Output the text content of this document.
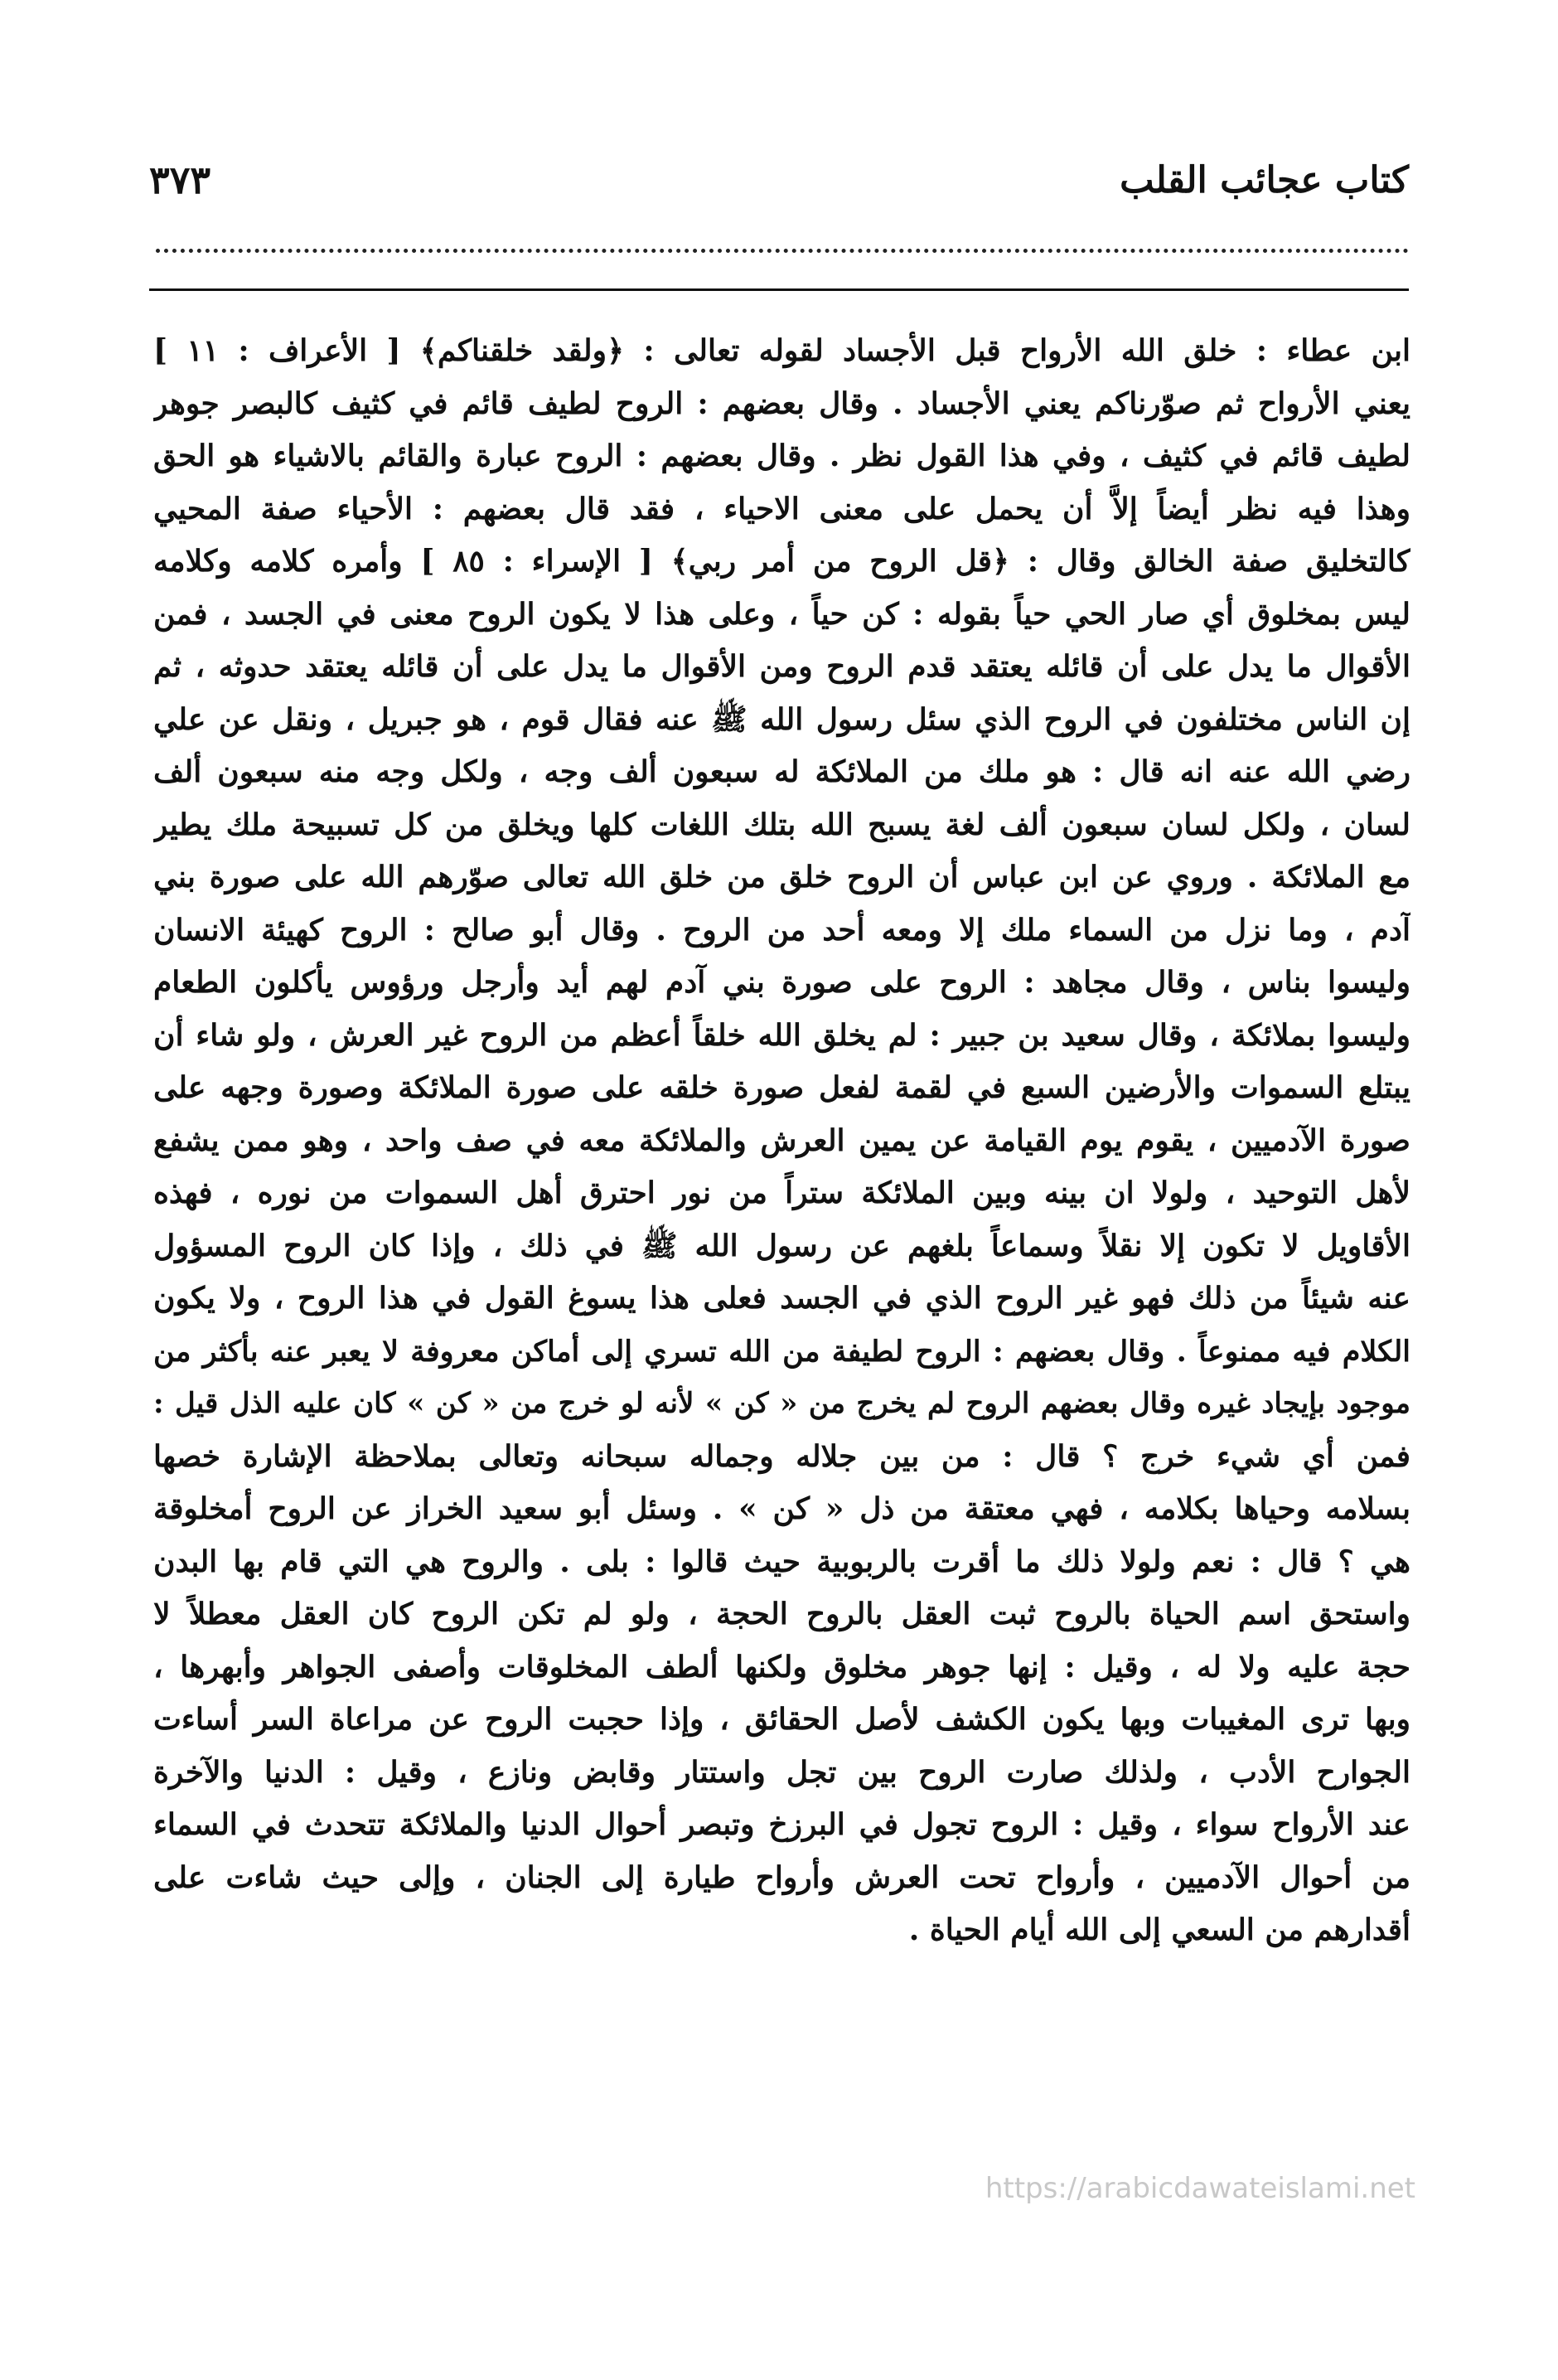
كتاب عجائب القلب
٣٧٣
ابن عطاء : خلق الله الأرواح قبل الأجساد لقوله تعالى : ﴿ولقد خلقناكم﴾ [ الأعراف : ١١ ]
يعني الأرواح ثم صوّرناكم يعني الأجساد . وقال بعضهم : الروح لطيف قائم في كثيف كالبصر جوهر
لطيف قائم في كثيف ، وفي هذا القول نظر . وقال بعضهم : الروح عبارة والقائم بالاشياء هو الحق
وهذا فيه نظر أيضاً إلاَّ أن يحمل على معنى الاحياء ، فقد قال بعضهم : الأحياء صفة المحيي
كالتخليق صفة الخالق وقال : ﴿قل الروح من أمر ربي﴾ [ الإسراء : ٨٥ ] وأمره كلامه وكلامه
ليس بمخلوق أي صار الحي حياً بقوله : كن حياً ، وعلى هذا لا يكون الروح معنى في الجسد ، فمن
الأقوال ما يدل على أن قائله يعتقد قدم الروح ومن الأقوال ما يدل على أن قائله يعتقد حدوثه ، ثم
إن الناس مختلفون في الروح الذي سئل رسول الله ﷺ عنه فقال قوم ، هو جبريل ، ونقل عن علي
رضي الله عنه انه قال : هو ملك من الملائكة له سبعون ألف وجه ، ولكل وجه منه سبعون ألف
لسان ، ولكل لسان سبعون ألف لغة يسبح الله بتلك اللغات كلها ويخلق من كل تسبيحة ملك يطير
مع الملائكة . وروي عن ابن عباس أن الروح خلق من خلق الله تعالى صوّرهم الله على صورة بني
آدم ، وما نزل من السماء ملك إلا ومعه أحد من الروح . وقال أبو صالح : الروح كهيئة الانسان
وليسوا بناس ، وقال مجاهد : الروح على صورة بني آدم لهم أيد وأرجل ورؤوس يأكلون الطعام
وليسوا بملائكة ، وقال سعيد بن جبير : لم يخلق الله خلقاً أعظم من الروح غير العرش ، ولو شاء أن
يبتلع السموات والأرضين السبع في لقمة لفعل صورة خلقه على صورة الملائكة وصورة وجهه على
صورة الآدميين ، يقوم يوم القيامة عن يمين العرش والملائكة معه في صف واحد ، وهو ممن يشفع
لأهل التوحيد ، ولولا ان بينه وبين الملائكة ستراً من نور احترق أهل السموات من نوره ، فهذه
الأقاويل لا تكون إلا نقلاً وسماعاً بلغهم عن رسول الله ﷺ في ذلك ، وإذا كان الروح المسؤول
عنه شيئاً من ذلك فهو غير الروح الذي في الجسد فعلى هذا يسوغ القول في هذا الروح ، ولا يكون
الكلام فيه ممنوعاً . وقال بعضهم : الروح لطيفة من الله تسري إلى أماكن معروفة لا يعبر عنه بأكثر من
موجود بإيجاد غيره وقال بعضهم الروح لم يخرج من « كن » لأنه لو خرج من « كن » كان عليه الذل قيل :
فمن أي شيء خرج ؟ قال : من بين جلاله وجماله سبحانه وتعالى بملاحظة الإشارة خصها
بسلامه وحياها بكلامه ، فهي معتقة من ذل « كن » . وسئل أبو سعيد الخراز عن الروح أمخلوقة
هي ؟ قال : نعم ولولا ذلك ما أقرت بالربوبية حيث قالوا : بلى . والروح هي التي قام بها البدن
واستحق اسم الحياة بالروح ثبت العقل بالروح الحجة ، ولو لم تكن الروح كان العقل معطلاً لا
حجة عليه ولا له ، وقيل : إنها جوهر مخلوق ولكنها ألطف المخلوقات وأصفى الجواهر وأبهرها ،
وبها ترى المغيبات وبها يكون الكشف لأصل الحقائق ، وإذا حجبت الروح عن مراعاة السر أساءت
الجوارح الأدب ، ولذلك صارت الروح بين تجل واستتار وقابض ونازع ، وقيل : الدنيا والآخرة
عند الأرواح سواء ، وقيل : الروح تجول في البرزخ وتبصر أحوال الدنيا والملائكة تتحدث في السماء
من أحوال الآدميين ، وأرواح تحت العرش وأرواح طيارة إلى الجنان ، وإلى حيث شاءت على
أقدارهم من السعي إلى الله أيام الحياة .
https://arabicdawateislami.net
